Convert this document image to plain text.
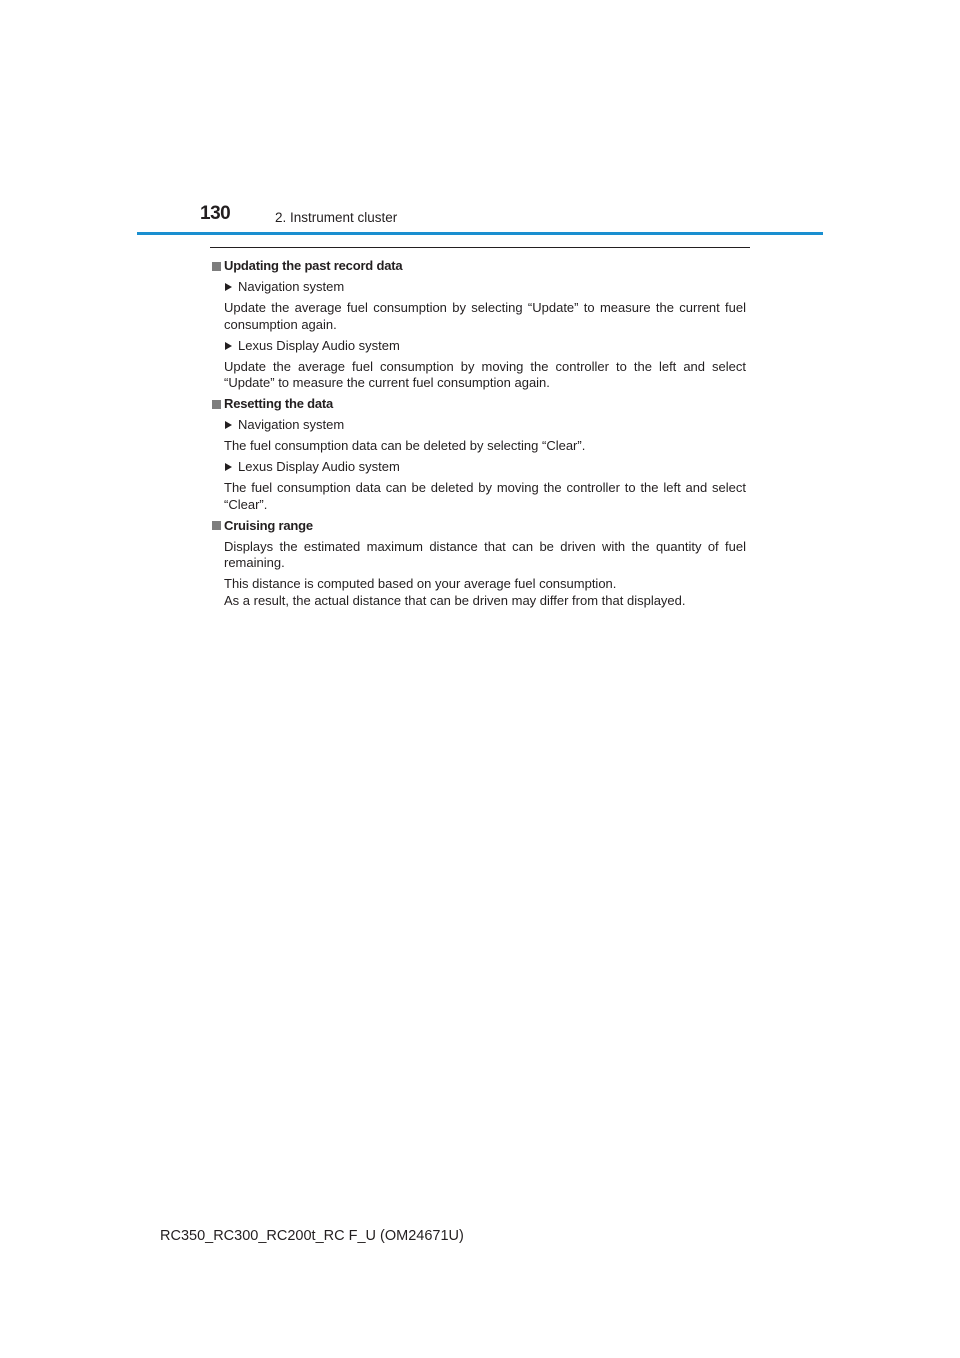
130	2. Instrument cluster
Updating the past record data
Navigation system
Update the average fuel consumption by selecting “Update” to measure the current fuel consumption again.
Lexus Display Audio system
Update the average fuel consumption by moving the controller to the left and select “Update” to measure the current fuel consumption again.
Resetting the data
Navigation system
The fuel consumption data can be deleted by selecting “Clear”.
Lexus Display Audio system
The fuel consumption data can be deleted by moving the controller to the left and select “Clear”.
Cruising range
Displays the estimated maximum distance that can be driven with the quantity of fuel remaining.
This distance is computed based on your average fuel consumption.
As a result, the actual distance that can be driven may differ from that displayed.
RC350_RC300_RC200t_RC F_U (OM24671U)
